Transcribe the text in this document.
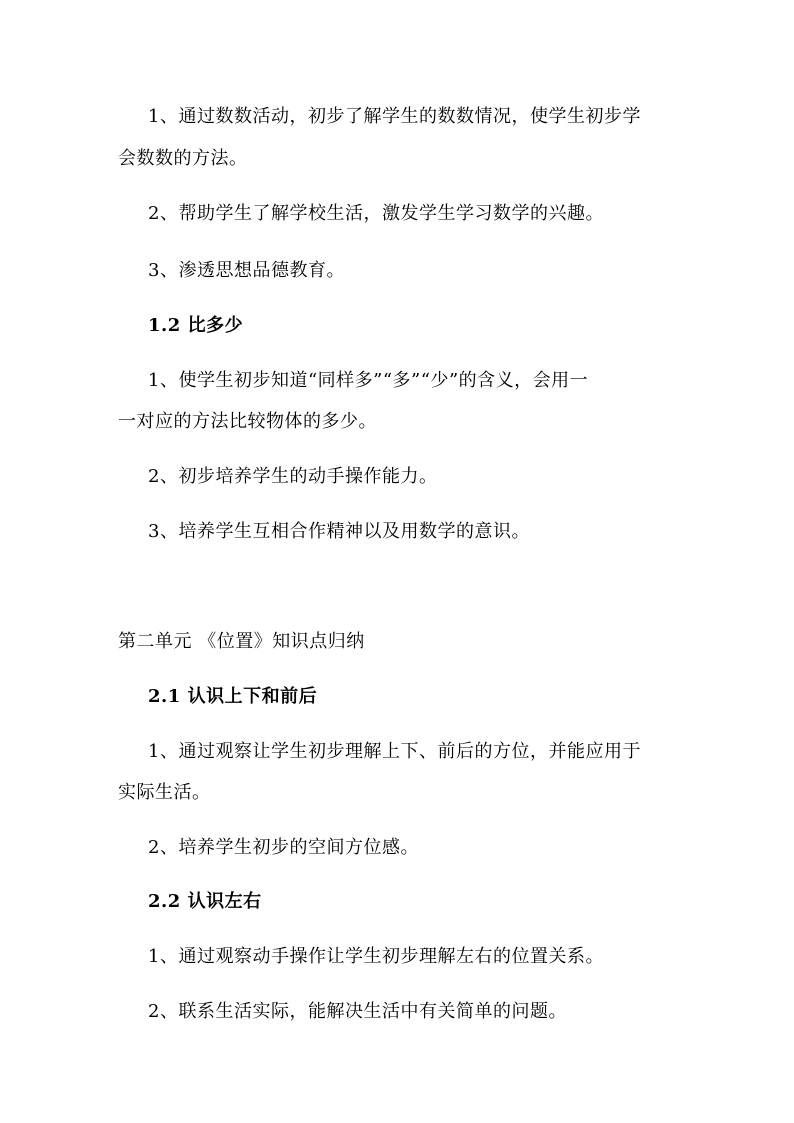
1、通过数数活动，初步了解学生的数数情况，使学生初步学
会数数的方法。
2、帮助学生了解学校生活，激发学生学习数学的兴趣。
3、渗透思想品德教育。
1.2 比多少
1、使学生初步知道“同样多”“多”“少”的含义，会用一
一对应的方法比较物体的多少。
2、初步培养学生的动手操作能力。
3、培养学生互相合作精神以及用数学的意识。
第二单元 《位置》知识点归纳
2.1 认识上下和前后
1、通过观察让学生初步理解上下、前后的方位，并能应用于
实际生活。
2、培养学生初步的空间方位感。
2.2 认识左右
1、通过观察动手操作让学生初步理解左右的位置关系。
2、联系生活实际，能解决生活中有关简单的问题。
